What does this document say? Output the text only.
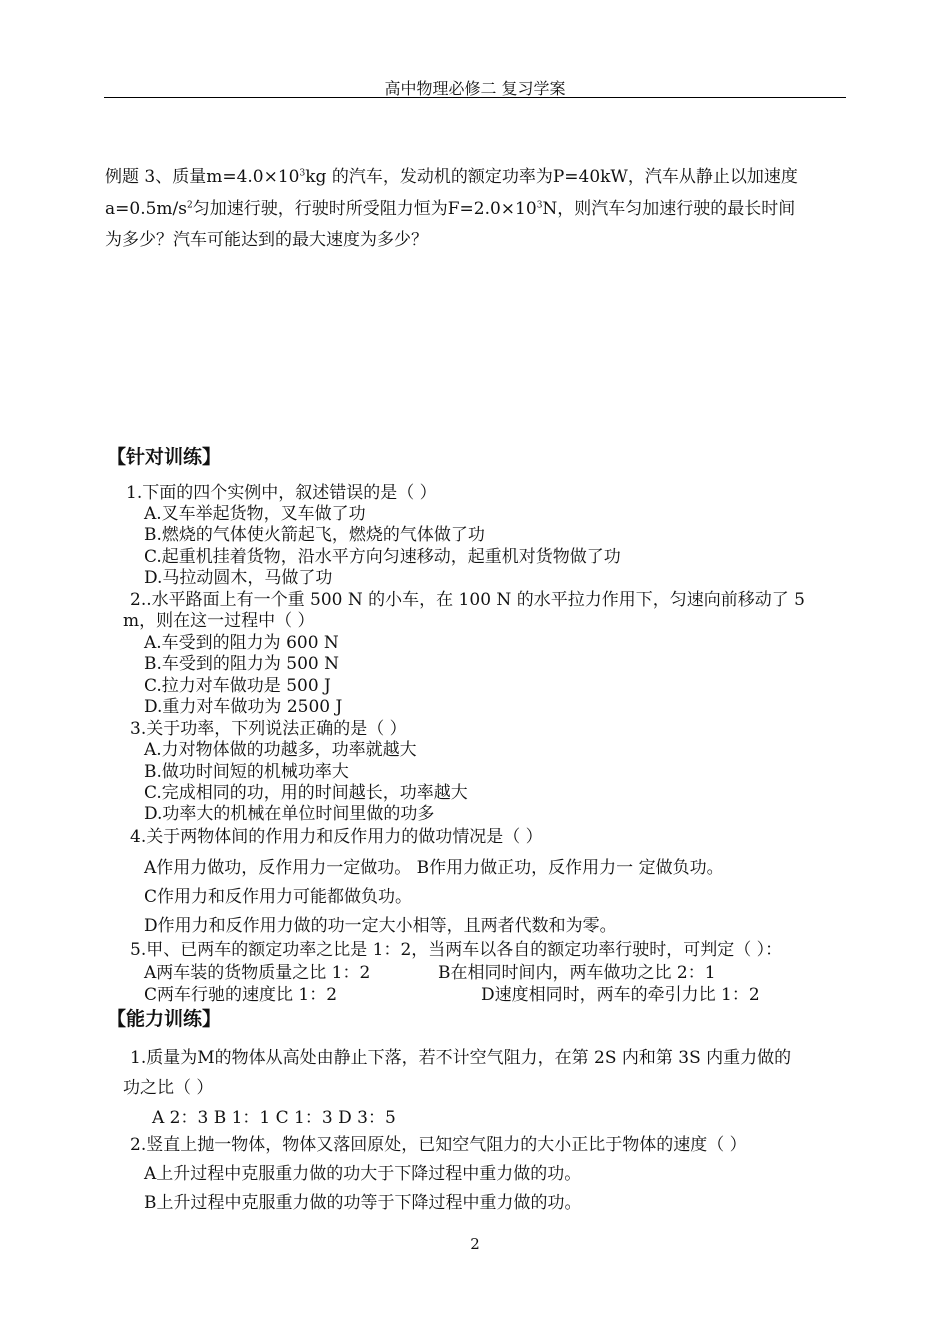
高中物理必修二 复习学案
例题 3、质量$m=4.0\times 10^3kg$ 的汽车，发动机的额定功率为P=40kW，汽车从静止以加速度
$a=0.5m/s^2$匀加速行驶，行驶时所受阻力恒为$F=2.0\times 10^3N$，则汽车匀加速行驶的最长时间
为多少？汽车可能达到的最大速度为多少？
【针对训练】
1.下面的四个实例中，叙述错误的是（ ）
A.叉车举起货物，叉车做了功
B.燃烧的气体使火箭起飞，燃烧的气体做了功
C.起重机挂着货物，沿水平方向匀速移动，起重机对货物做了功
D.马拉动圆木，马做了功
2..水平路面上有一个重 500 N 的小车，在 100 N 的水平拉力作用下，匀速向前移动了 5
m，则在这一过程中（ ）
A.车受到的阻力为 600 N
B.车受到的阻力为 500 N
C.拉力对车做功是 500 J
D.重力对车做功为 2500 J
3.关于功率，下列说法正确的是（ ）
A.力对物体做的功越多，功率就越大
B.做功时间短的机械功率大
C.完成相同的功，用的时间越长，功率越大
D.功率大的机械在单位时间里做的功多
4.关于两物体间的作用力和反作用力的做功情况是（ ）
A作用力做功，反作用力一定做功。 B作用力做正功，反作用力一 定做负功。
C作用力和反作用力可能都做负功。
D作用力和反作用力做的功一定大小相等，且两者代数和为零。
5.甲、已两车的额定功率之比是 1：2，当两车以各自的额定功率行驶时，可判定（ ）：
A两车装的货物质量之比 1：2	B在相同时间内，两车做功之比 2：1
C两车行驰的速度比 1：2	D速度相同时，两车的牵引力比 1：2
【能力训练】
1.质量为M的物体从高处由静止下落，若不计空气阻力，在第 2S 内和第 3S 内重力做的
功之比（ ）
A 2：3 B 1：1 C 1：3 D 3：5
2.竖直上抛一物体，物体又落回原处，已知空气阻力的大小正比于物体的速度（ ）
A上升过程中克服重力做的功大于下降过程中重力做的功。
B上升过程中克服重力做的功等于下降过程中重力做的功。
2
